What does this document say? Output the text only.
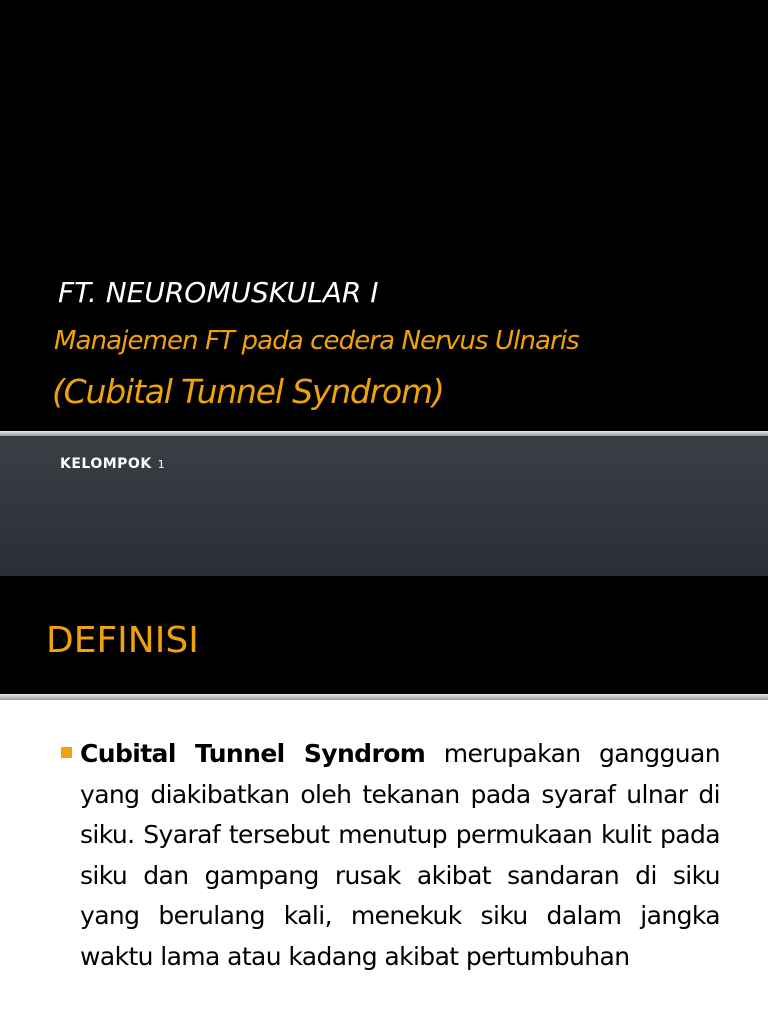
FT. NEUROMUSKULAR I
Manajemen FT pada cedera Nervus Ulnaris
(Cubital Tunnel Syndrom)
KELOMPOK 1
DEFINISI

Cubital Tunnel Syndrom merupakan gangguan yang diakibatkan oleh tekanan pada syaraf ulnar di siku. Syaraf tersebut menutup permukaan kulit pada siku dan gampang rusak akibat sandaran di siku yang berulang kali, menekuk siku dalam jangka waktu lama atau kadang akibat pertumbuhan
